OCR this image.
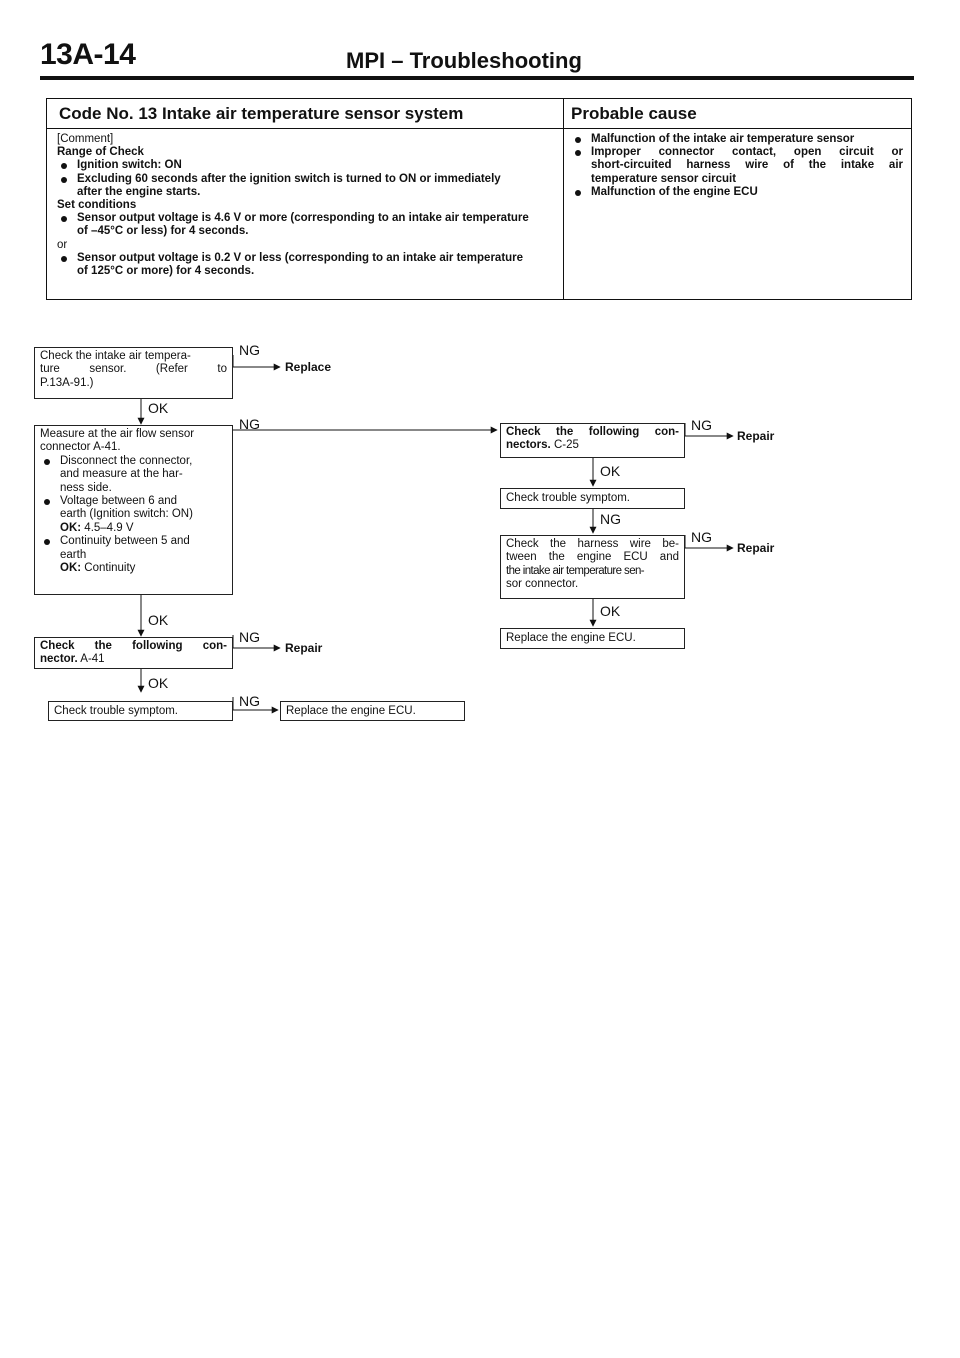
13A-14	MPI – Troubleshooting
Code No. 13 Intake air temperature sensor system	Probable cause
[Comment]
Range of Check
Ignition switch: ON
Excluding 60 seconds after the ignition switch is turned to ON or immediately
after the engine starts.
Set conditions
Sensor output voltage is 4.6 V or more (corresponding to an intake air temperature
of –45°C or less) for 4 seconds.
or
Sensor output voltage is 0.2 V or less (corresponding to an intake air temperature
of 125°C or more) for 4 seconds.
Malfunction of the intake air temperature sensor
Improper connector contact, open circuit or
short-circuited harness wire of the intake air
temperature sensor circuit
Malfunction of the engine ECU
Check the intake air tempera-
ture sensor. (Refer to
P.13A-91.)
OK
NG
Replace
Measure at the air flow sensor
connector A-41.
Disconnect the connector,
and measure at the har-
ness side.
Voltage between 6 and
earth (Ignition switch: ON)
OK: 4.5–4.9 V
Continuity between 5 and
earth
OK: Continuity
NG
OK
Check the following con-
nector. A-41
NG
Repair
OK
Check trouble symptom.
NG
Replace the engine ECU.
Check the following con-
nectors. C-25
NG
Repair
OK
Check trouble symptom.
NG
Check the harness wire be-
tween the engine ECU and
the intake air temperature sen-
sor connector.
NG
Repair
OK
Replace the engine ECU.
